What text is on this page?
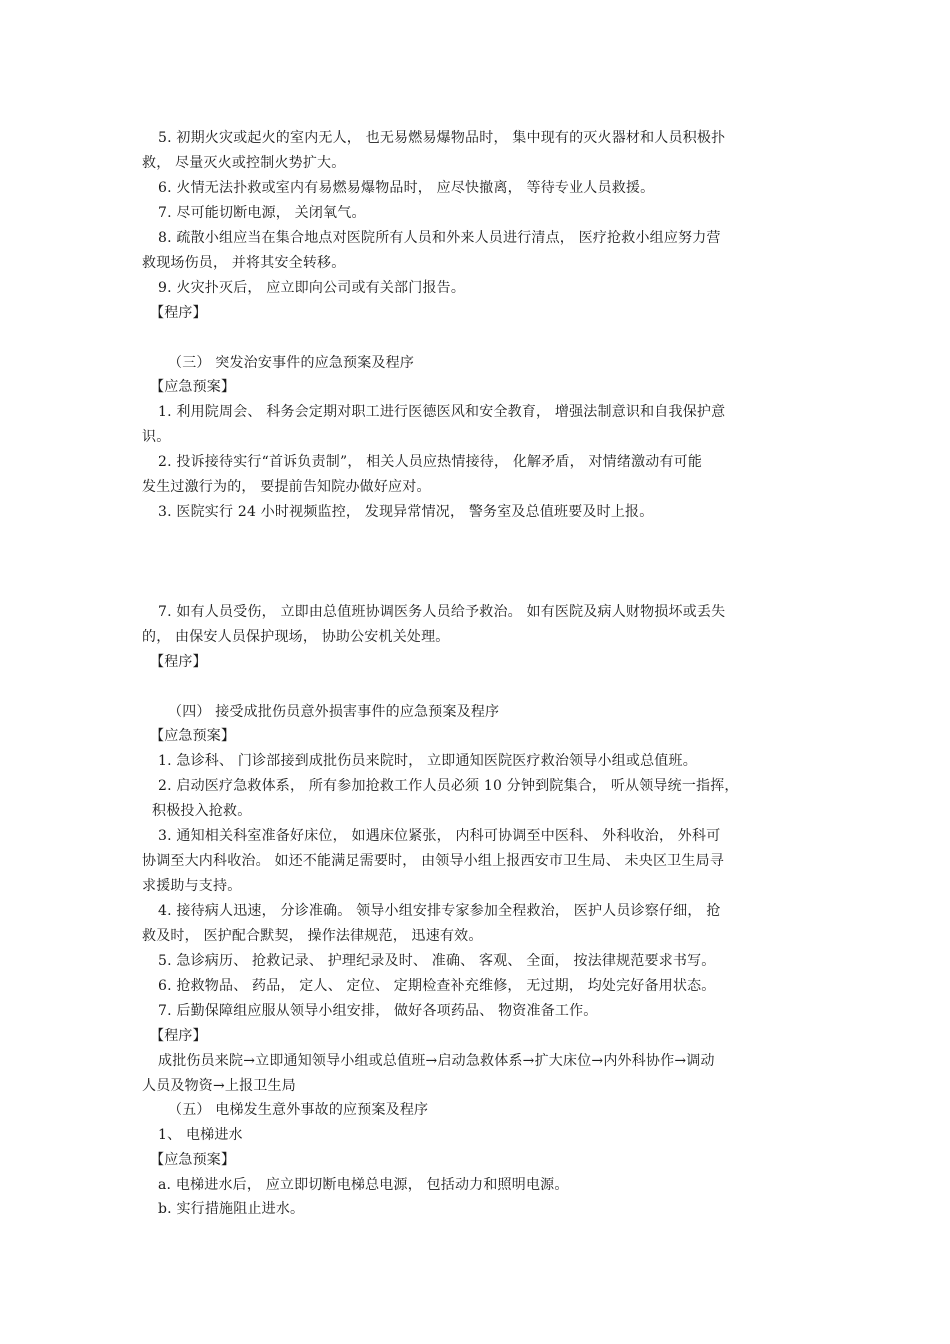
5. 初期火灾或起火的室内无人， 也无易燃易爆物品时， 集中现有的灭火器材和人员积极扑
救， 尽量灭火或控制火势扩大。
6. 火情无法扑救或室内有易燃易爆物品时， 应尽快撤离， 等待专业人员救援。
7. 尽可能切断电源， 关闭氧气。
8. 疏散小组应当在集合地点对医院所有人员和外来人员进行清点， 医疗抢救小组应努力营
救现场伤员， 并将其安全转移。
9. 火灾扑灭后， 应立即向公司或有关部门报告。
【程序】
（三） 突发治安事件的应急预案及程序
【应急预案】
1. 利用院周会、 科务会定期对职工进行医德医风和安全教育， 增强法制意识和自我保护意
识。
2. 投诉接待实行“首诉负责制”， 相关人员应热情接待， 化解矛盾， 对情绪激动有可能
发生过激行为的， 要提前告知院办做好应对。
3. 医院实行 24 小时视频监控， 发现异常情况， 警务室及总值班要及时上报。
7. 如有人员受伤， 立即由总值班协调医务人员给予救治。 如有医院及病人财物损坏或丢失
的， 由保安人员保护现场， 协助公安机关处理。
【程序】
（四） 接受成批伤员意外损害事件的应急预案及程序
【应急预案】
1. 急诊科、 门诊部接到成批伤员来院时， 立即通知医院医疗救治领导小组或总值班。
2. 启动医疗急救体系， 所有参加抢救工作人员必须 10 分钟到院集合， 听从领导统一指挥，
积极投入抢救。
3. 通知相关科室准备好床位， 如遇床位紧张， 内科可协调至中医科、 外科收治， 外科可
协调至大内科收治。 如还不能满足需要时， 由领导小组上报西安市卫生局、 未央区卫生局寻
求援助与支持。
4. 接待病人迅速， 分诊准确。 领导小组安排专家参加全程救治， 医护人员诊察仔细， 抢
救及时， 医护配合默契， 操作法律规范， 迅速有效。
5. 急诊病历、 抢救记录、 护理纪录及时、 准确、 客观、 全面， 按法律规范要求书写。
6. 抢救物品、 药品， 定人、 定位、 定期检查补充维修， 无过期， 均处完好备用状态。
7. 后勤保障组应服从领导小组安排， 做好各项药品、 物资准备工作。
【程序】
成批伤员来院→立即通知领导小组或总值班→启动急救体系→扩大床位→内外科协作→调动
人员及物资→上报卫生局
（五） 电梯发生意外事故的应预案及程序
1、 电梯进水
【应急预案】
a. 电梯进水后， 应立即切断电梯总电源， 包括动力和照明电源。
b. 实行措施阻止进水。
